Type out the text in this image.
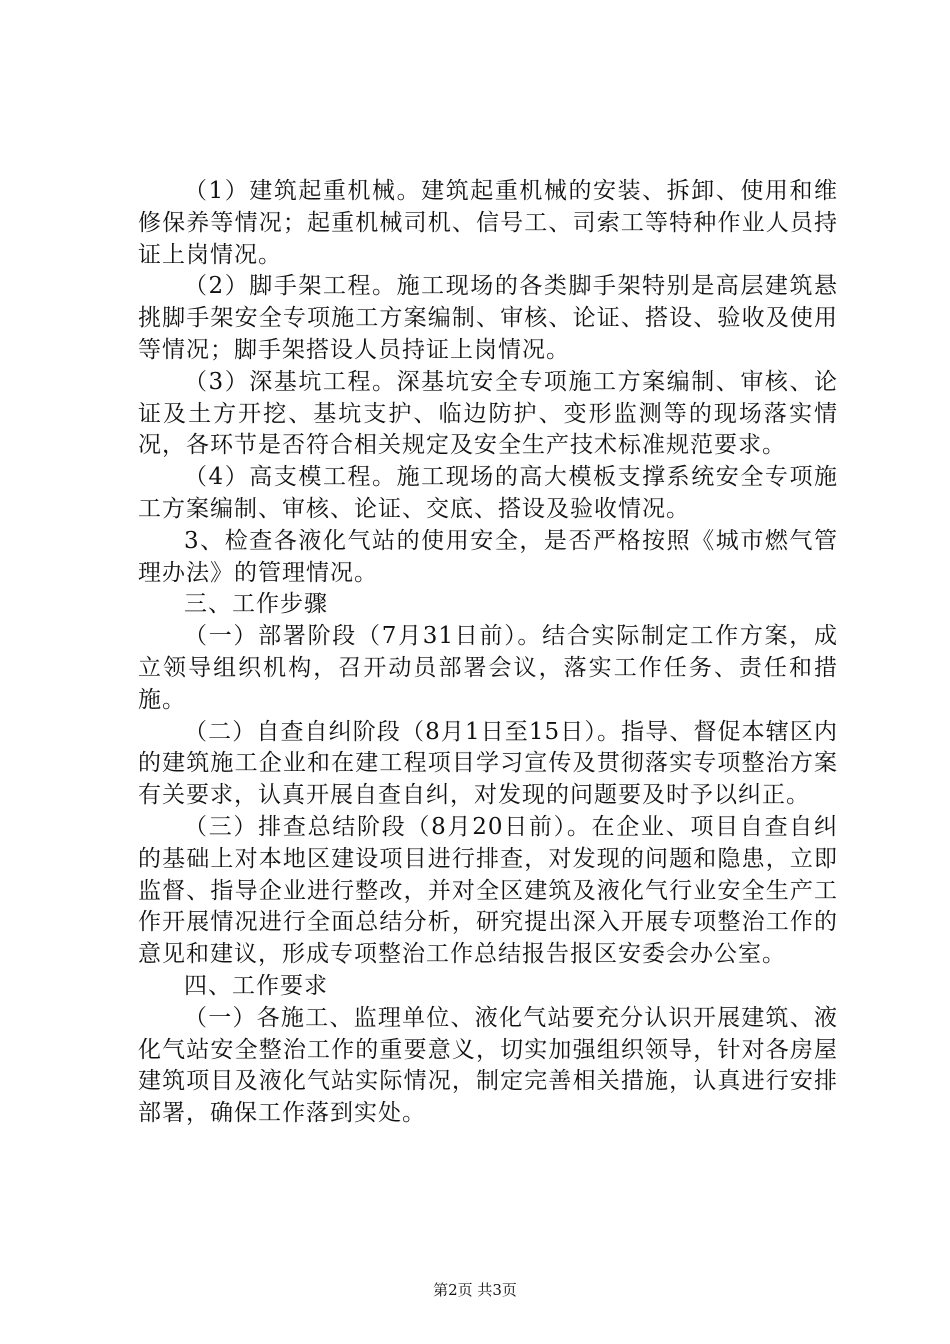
（1）建筑起重机械。建筑起重机械的安装、拆卸、使用和维修保养等情况；起重机械司机、信号工、司索工等特种作业人员持证上岗情况。

（2）脚手架工程。施工现场的各类脚手架特别是高层建筑悬挑脚手架安全专项施工方案编制、审核、论证、搭设、验收及使用等情况；脚手架搭设人员持证上岗情况。

（3）深基坑工程。深基坑安全专项施工方案编制、审核、论证及土方开挖、基坑支护、临边防护、变形监测等的现场落实情况，各环节是否符合相关规定及安全生产技术标准规范要求。

（4）高支模工程。施工现场的高大模板支撑系统安全专项施工方案编制、审核、论证、交底、搭设及验收情况。

3、检查各液化气站的使用安全，是否严格按照《城市燃气管理办法》的管理情况。

三、工作步骤

（一）部署阶段（7月31日前）。结合实际制定工作方案，成立领导组织机构，召开动员部署会议，落实工作任务、责任和措施。

（二）自查自纠阶段（8月1日至15日）。指导、督促本辖区内的建筑施工企业和在建工程项目学习宣传及贯彻落实专项整治方案有关要求，认真开展自查自纠，对发现的问题要及时予以纠正。

（三）排查总结阶段（8月20日前）。在企业、项目自查自纠的基础上对本地区建设项目进行排查，对发现的问题和隐患，立即监督、指导企业进行整改，并对全区建筑及液化气行业安全生产工作开展情况进行全面总结分析，研究提出深入开展专项整治工作的意见和建议，形成专项整治工作总结报告报区安委会办公室。

四、工作要求

（一）各施工、监理单位、液化气站要充分认识开展建筑、液化气站安全整治工作的重要意义，切实加强组织领导，针对各房屋建筑项目及液化气站实际情况，制定完善相关措施，认真进行安排部署，确保工作落到实处。

第2页 共3页
